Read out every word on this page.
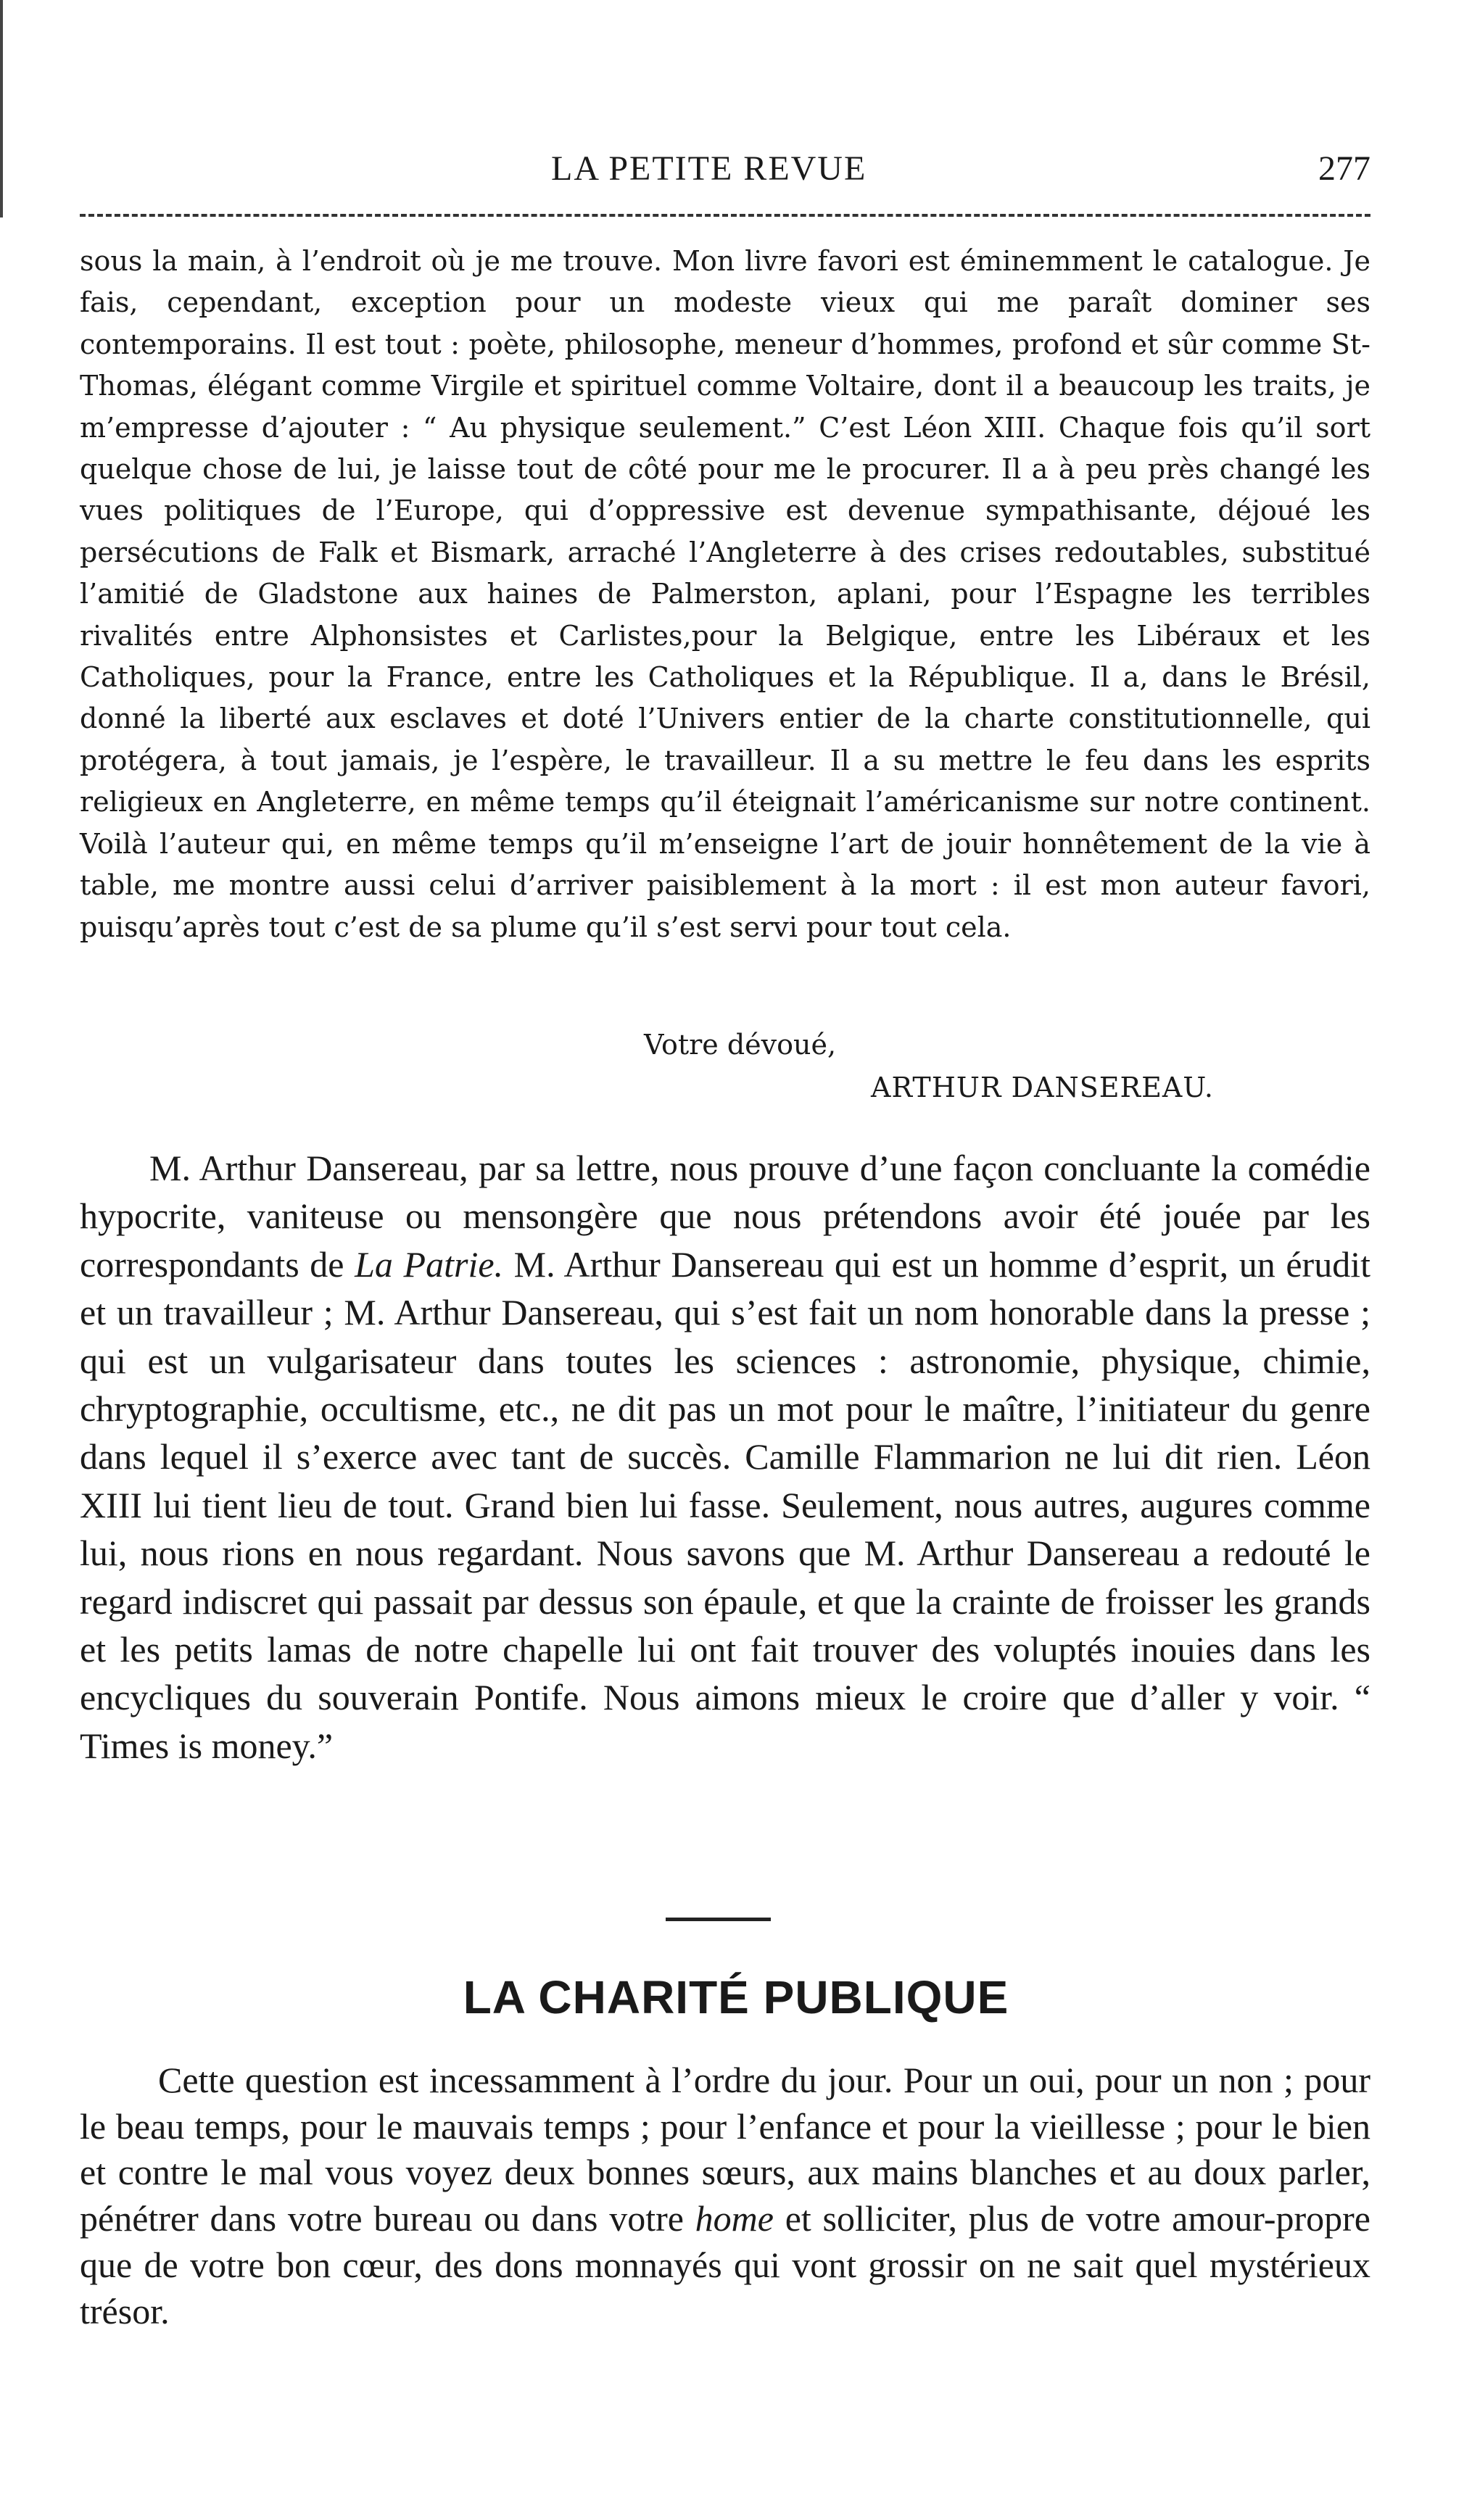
LA PETITE REVUE	277

sous la main, à l’endroit où je me trouve. Mon livre favori est éminemment le catalogue. Je fais, cependant, exception pour un modeste vieux qui me paraît dominer ses contemporains. Il est tout : poète, philosophe, meneur d’hommes, profond et sûr comme St-Thomas, élégant comme Virgile et spirituel comme Voltaire, dont il a beaucoup les traits, je m’empresse d’ajouter : “ Au physique seulement.” C’est Léon XIII. Chaque fois qu’il sort quelque chose de lui, je laisse tout de côté pour me le procurer. Il a à peu près changé les vues politiques de l’Europe, qui d’oppressive est devenue sympathisante, déjoué les persécutions de Falk et Bismark, arraché l’Angleterre à des crises redoutables, substitué l’amitié de Gladstone aux haines de Palmerston, aplani, pour l’Espagne les terribles rivalités entre Alphonsistes et Carlistes,pour la Belgique, entre les Libéraux et les Catholiques, pour la France, entre les Catholiques et la République. Il a, dans le Brésil, donné la liberté aux esclaves et doté l’Univers entier de la charte constitutionnelle, qui protégera, à tout jamais, je l’espère, le travailleur. Il a su mettre le feu dans les esprits religieux en Angleterre, en même temps qu’il éteignait l’américanisme sur notre continent. Voilà l’auteur qui, en même temps qu’il m’enseigne l’art de jouir honnêtement de la vie à table, me montre aussi celui d’arriver paisiblement à la mort : il est mon auteur favori, puisqu’après tout c’est de sa plume qu’il s’est servi pour tout cela.

Votre dévoué,
ARTHUR DANSEREAU.

M. Arthur Dansereau, par sa lettre, nous prouve d’une façon concluante la comédie hypocrite, vaniteuse ou mensongère que nous prétendons avoir été jouée par les correspondants de La Patrie. M. Arthur Dansereau qui est un homme d’esprit, un érudit et un travailleur ; M. Arthur Dansereau, qui s’est fait un nom honorable dans la presse ; qui est un vulgarisateur dans toutes les sciences : astronomie, physique, chimie, chryptographie, occultisme, etc., ne dit pas un mot pour le maître, l’initiateur du genre dans lequel il s’exerce avec tant de succès. Camille Flammarion ne lui dit rien. Léon XIII lui tient lieu de tout. Grand bien lui fasse. Seulement, nous autres, augures comme lui, nous rions en nous regardant. Nous savons que M. Arthur Dansereau a redouté le regard indiscret qui passait par dessus son épaule, et que la crainte de froisser les grands et les petits lamas de notre chapelle lui ont fait trouver des voluptés inouies dans les encycliques du souverain Pontife. Nous aimons mieux le croire que d’aller y voir. “ Times is money.”

LA CHARITÉ PUBLIQUE

Cette question est incessamment à l’ordre du jour. Pour un oui, pour un non ; pour le beau temps, pour le mauvais temps ; pour l’enfance et pour la vieillesse ; pour le bien et contre le mal vous voyez deux bonnes sœurs, aux mains blanches et au doux parler, pénétrer dans votre bureau ou dans votre home et solliciter, plus de votre amour-propre que de votre bon cœur, des dons monnayés qui vont grossir on ne sait quel mystérieux trésor.
